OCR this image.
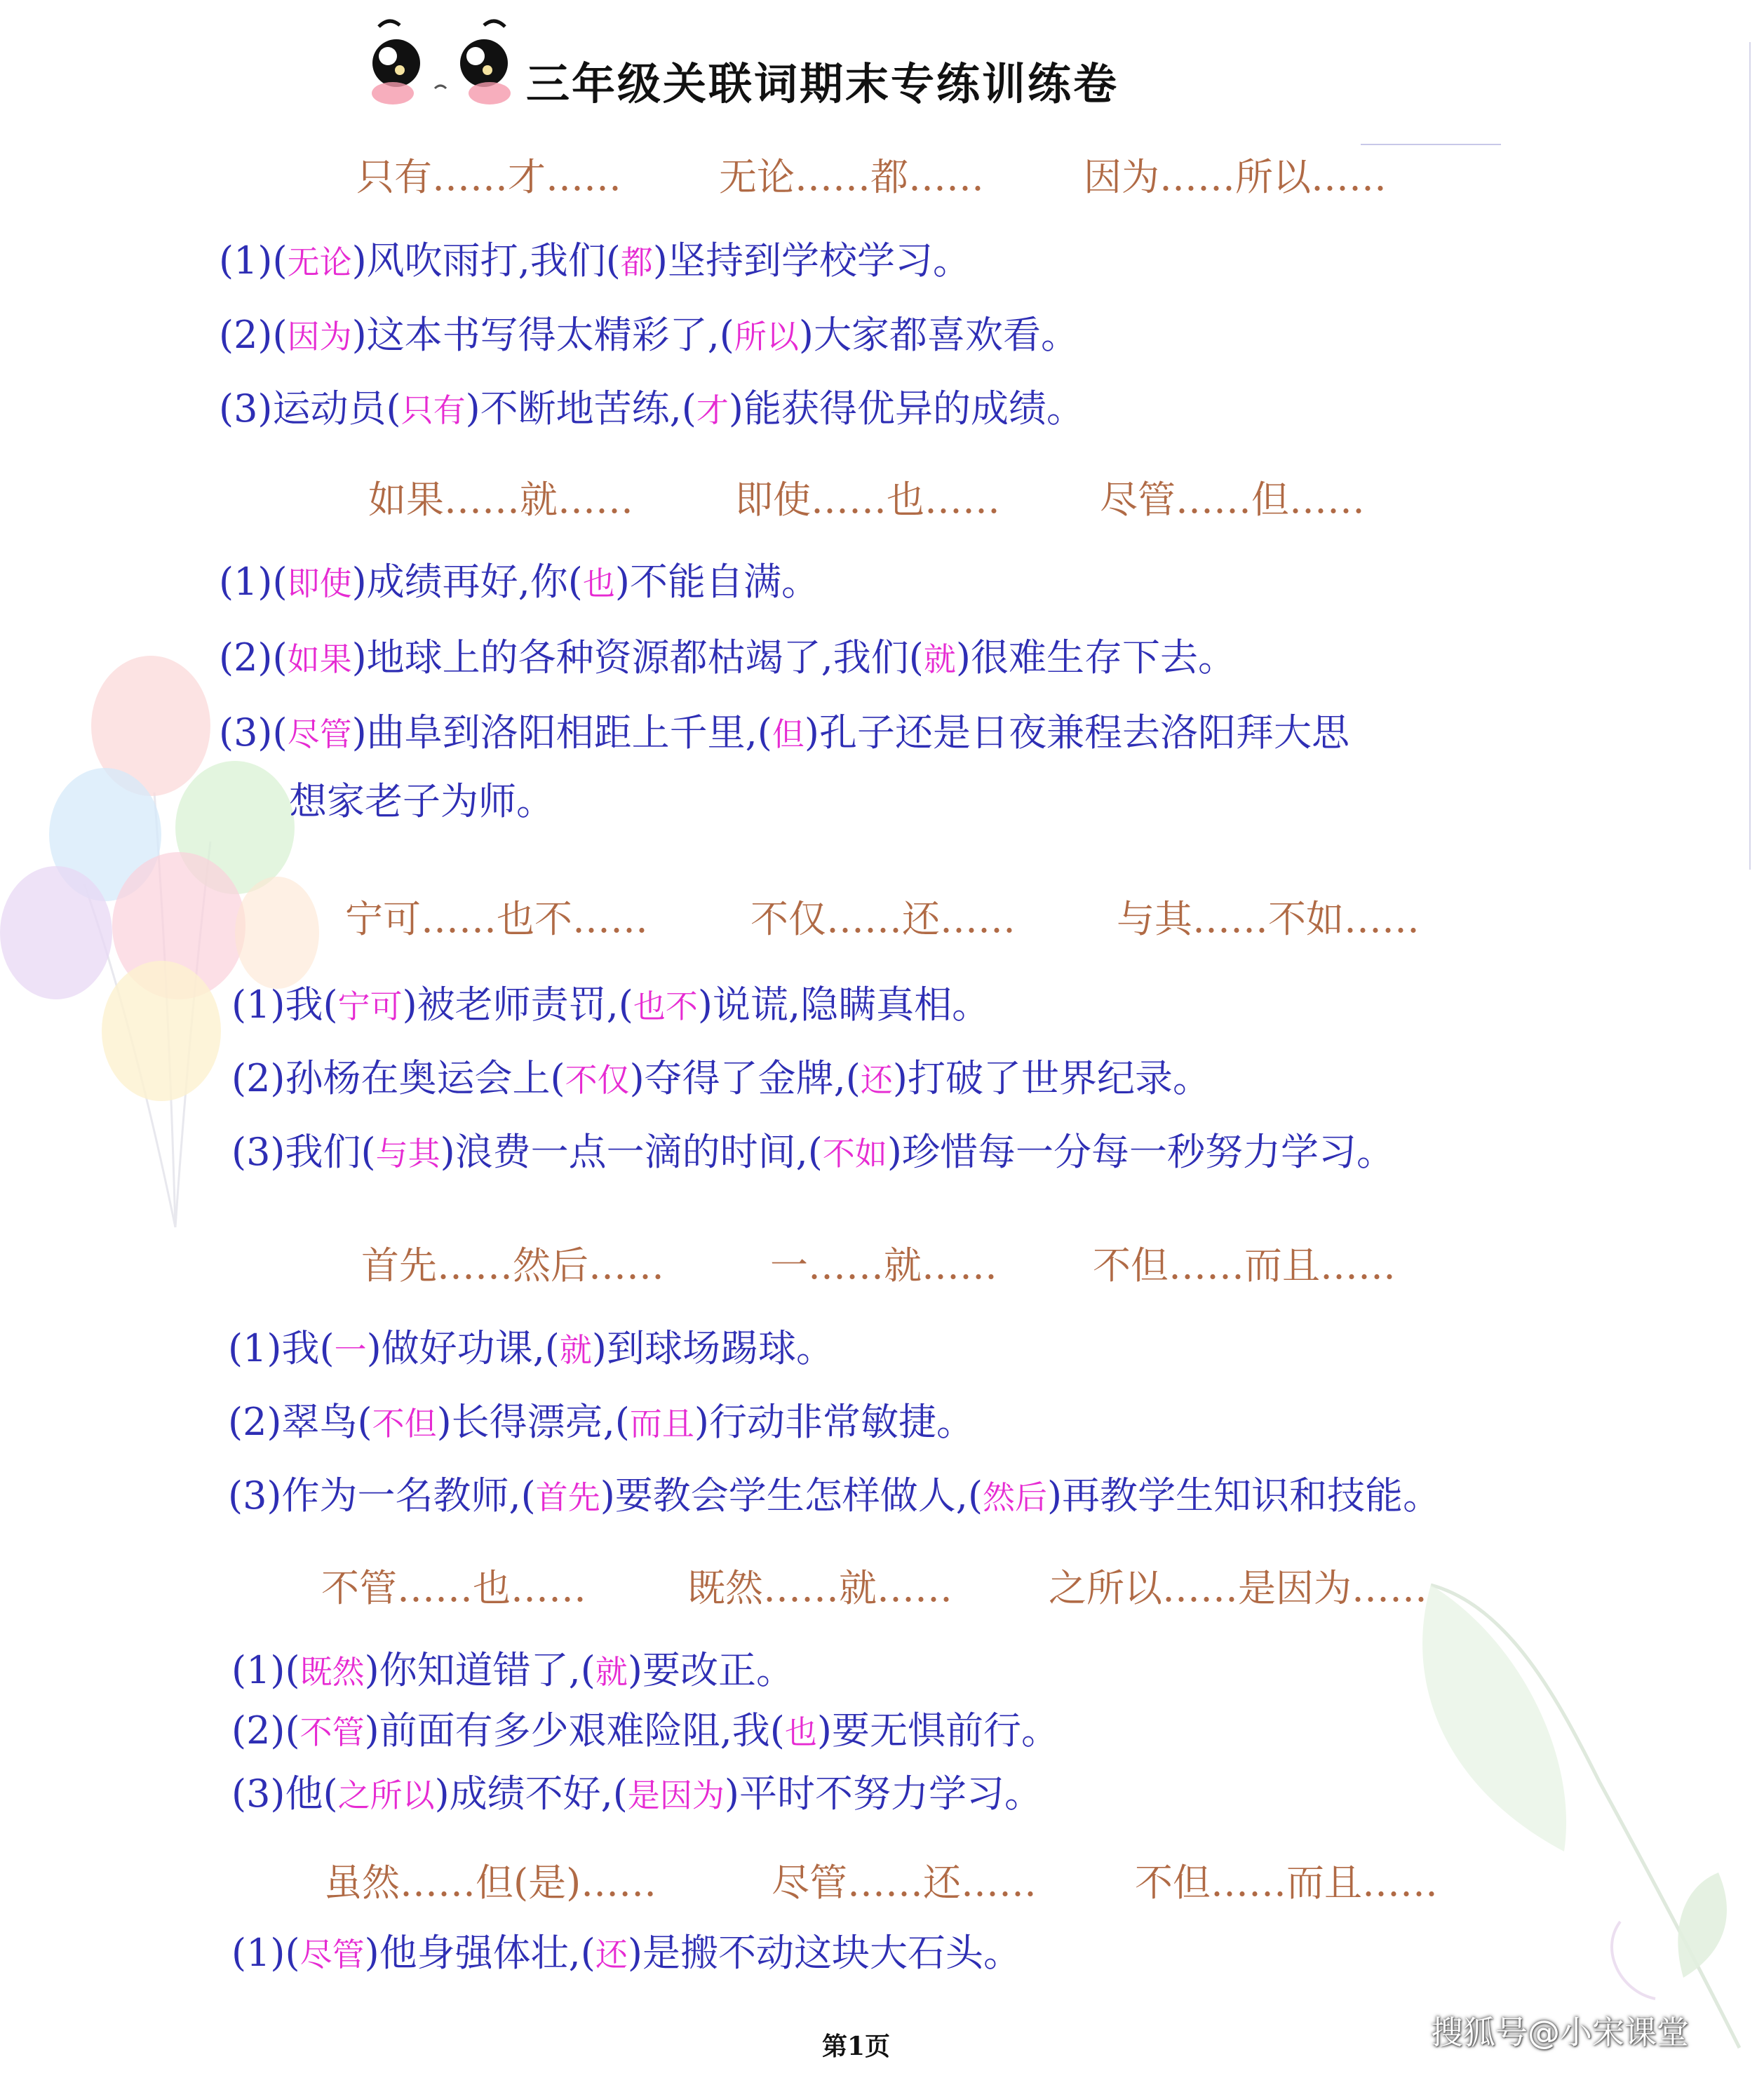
三年级关联词期末专练训练卷
只有……才……	无论……都……	因为……所以……
(1)(无论)风吹雨打,我们(都)坚持到学校学习。
(2)(因为)这本书写得太精彩了,(所以)大家都喜欢看。
(3)运动员(只有)不断地苦练,(才)能获得优异的成绩。
如果……就……	即使……也……	尽管……但……
(1)(即使)成绩再好,你(也)不能自满。
(2)(如果)地球上的各种资源都枯竭了,我们(就)很难生存下去。
(3)(尽管)曲阜到洛阳相距上千里,(但)孔子还是日夜兼程去洛阳拜大思
想家老子为师。
宁可……也不……	不仅……还……	与其……不如……
(1)我(宁可)被老师责罚,(也不)说谎,隐瞒真相。
(2)孙杨在奥运会上(不仅)夺得了金牌,(还)打破了世界纪录。
(3)我们(与其)浪费一点一滴的时间,(不如)珍惜每一分每一秒努力学习。
首先……然后……	一……就……	不但……而且……
(1)我(一)做好功课,(就)到球场踢球。
(2)翠鸟(不但)长得漂亮,(而且)行动非常敏捷。
(3)作为一名教师,(首先)要教会学生怎样做人,(然后)再教学生知识和技能。
不管……也……	既然……就……	之所以……是因为……
(1)(既然)你知道错了,(就)要改正。
(2)(不管)前面有多少艰难险阻,我(也)要无惧前行。
(3)他(之所以)成绩不好,(是因为)平时不努力学习。
虽然……但(是)……	尽管……还……	不但……而且……
(1)(尽管)他身强体壮,(还)是搬不动这块大石头。
第1页	搜狐号@小宋课堂
